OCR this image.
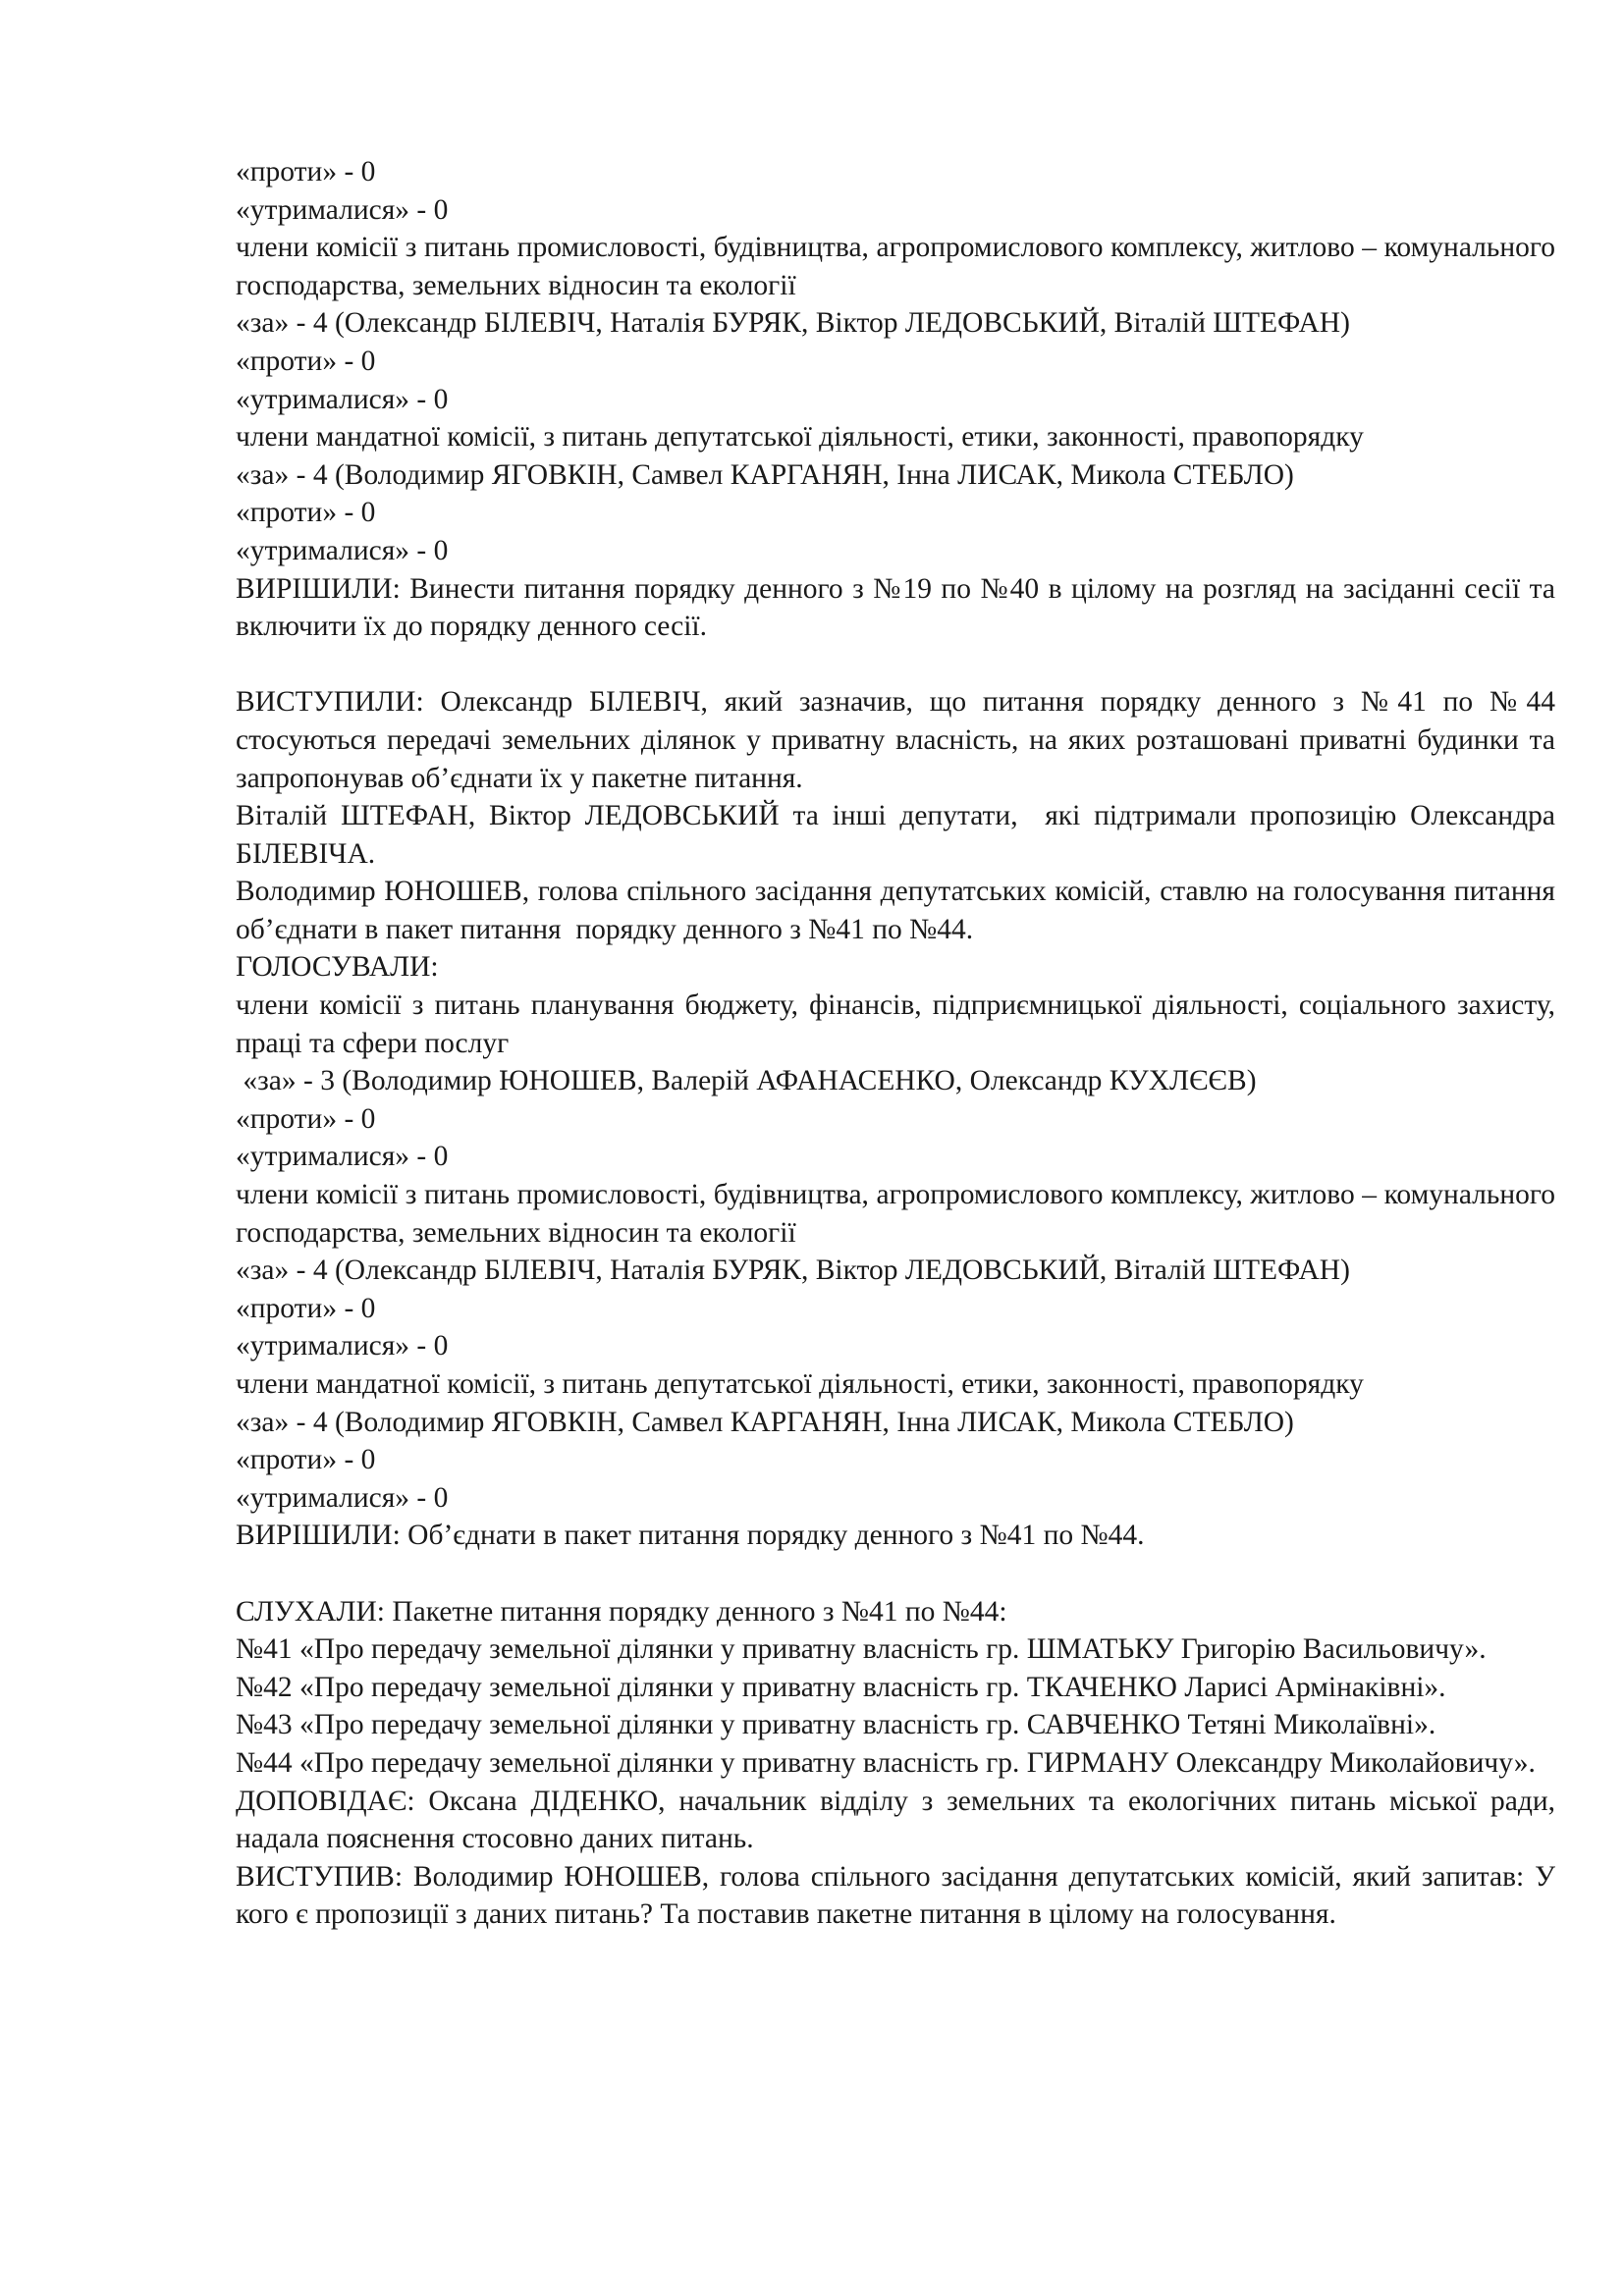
«проти» - 0

«утрималися» - 0

члени комісії з питань промисловості, будівництва, агропромислового комплексу, житлово – комунального господарства, земельних відносин та екології

«за» - 4 (Олександр БІЛЕВІЧ, Наталія БУРЯК, Віктор ЛЕДОВСЬКИЙ, Віталій ШТЕФАН)

«проти» - 0

«утрималися» - 0

члени мандатної комісії, з питань депутатської діяльності, етики, законності, правопорядку

«за» - 4 (Володимир ЯГОВКІН, Самвел КАРГАНЯН, Інна ЛИСАК, Микола СТЕБЛО)

«проти» - 0

«утрималися» - 0

ВИРІШИЛИ: Винести питання порядку денного з №19 по №40 в цілому на розгляд на засіданні сесії та включити їх до порядку денного сесії.

ВИСТУПИЛИ: Олександр БІЛЕВІЧ, який зазначив, що питання порядку денного з №41 по №44 стосуються передачі земельних ділянок у приватну власність, на яких розташовані приватні будинки та запропонував об’єднати їх у пакетне питання.

Віталій ШТЕФАН, Віктор ЛЕДОВСЬКИЙ та інші депутати,  які підтримали пропозицію Олександра БІЛЕВІЧА.

Володимир ЮНОШЕВ, голова спільного засідання депутатських комісій, ставлю на голосування питання об’єднати в пакет питання  порядку денного з №41 по №44.

ГОЛОСУВАЛИ:

члени комісії з питань планування бюджету, фінансів, підприємницької діяльності, соціального захисту, праці та сфери послуг

«за» - 3 (Володимир ЮНОШЕВ, Валерій АФАНАСЕНКО, Олександр КУХЛЄЄВ)

«проти» - 0

«утрималися» - 0

члени комісії з питань промисловості, будівництва, агропромислового комплексу, житлово – комунального господарства, земельних відносин та екології

«за» - 4 (Олександр БІЛЕВІЧ, Наталія БУРЯК, Віктор ЛЕДОВСЬКИЙ, Віталій ШТЕФАН)

«проти» - 0

«утрималися» - 0

члени мандатної комісії, з питань депутатської діяльності, етики, законності, правопорядку

«за» - 4 (Володимир ЯГОВКІН, Самвел КАРГАНЯН, Інна ЛИСАК, Микола СТЕБЛО)

«проти» - 0

«утрималися» - 0

ВИРІШИЛИ: Об’єднати в пакет питання порядку денного з №41 по №44.

СЛУХАЛИ: Пакетне питання порядку денного з №41 по №44:

№41 «Про передачу земельної ділянки у приватну власність гр. ШМАТЬКУ Григорію Васильовичу».

№42 «Про передачу земельної ділянки у приватну власність гр. ТКАЧЕНКО Ларисі Армінаківні».

№43 «Про передачу земельної ділянки у приватну власність гр. САВЧЕНКО Тетяні Миколаївні».

№44 «Про передачу земельної ділянки у приватну власність гр. ГИРМАНУ Олександру Миколайовичу».

ДОПОВІДАЄ: Оксана ДІДЕНКО, начальник відділу з земельних та екологічних питань міської ради, надала пояснення стосовно даних питань.

ВИСТУПИВ: Володимир ЮНОШЕВ, голова спільного засідання депутатських комісій, який запитав: У кого є пропозиції з даних питань? Та поставив пакетне питання в цілому на голосування.
